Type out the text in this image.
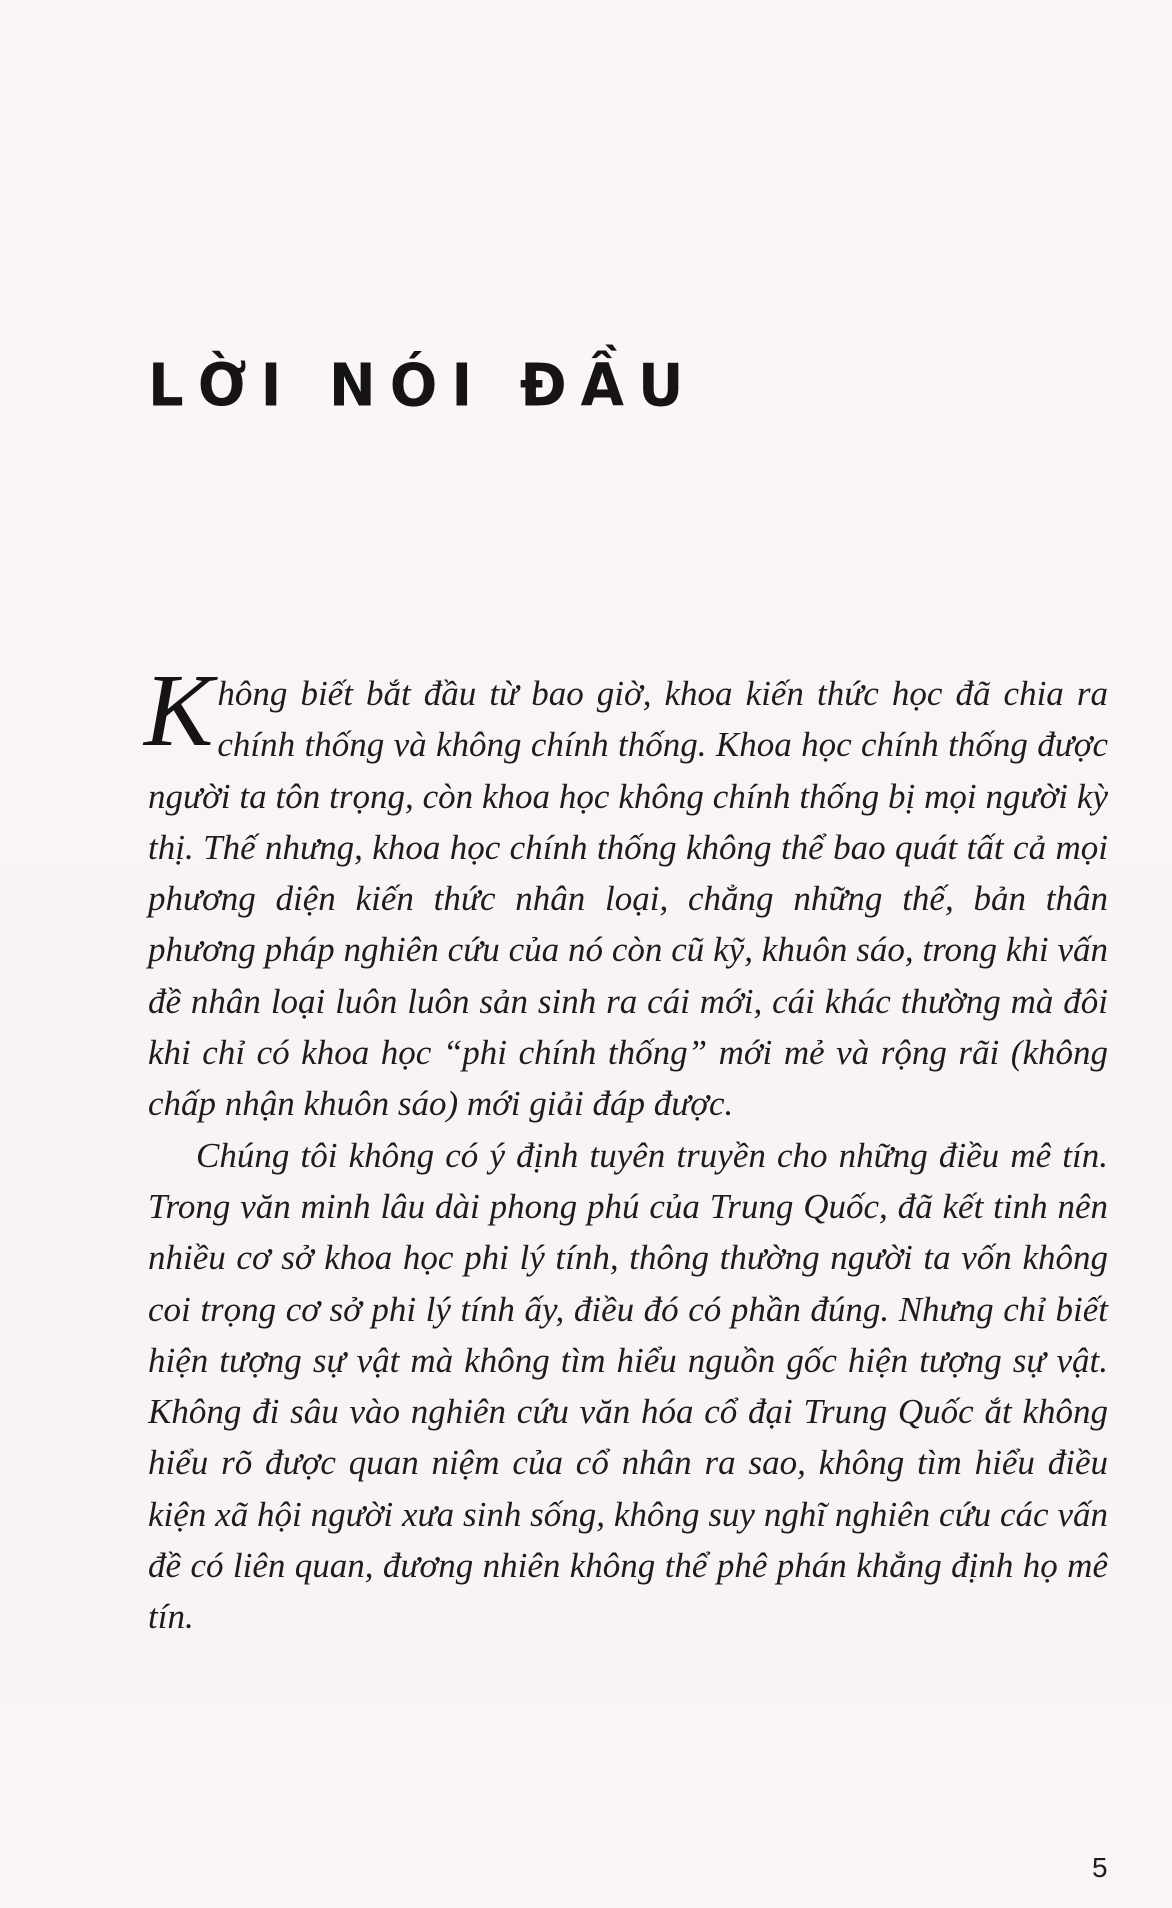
LỜI NÓI ĐẦU

Không biết bắt đầu từ bao giờ, khoa kiến thức học đã chia ra chính thống và không chính thống. Khoa học chính thống được người ta tôn trọng, còn khoa học không chính thống bị mọi người kỳ thị. Thế nhưng, khoa học chính thống không thể bao quát tất cả mọi phương diện kiến thức nhân loại, chẳng những thế, bản thân phương pháp nghiên cứu của nó còn cũ kỹ, khuôn sáo, trong khi vấn đề nhân loại luôn luôn sản sinh ra cái mới, cái khác thường mà đôi khi chỉ có khoa học “phi chính thống” mới mẻ và rộng rãi (không chấp nhận khuôn sáo) mới giải đáp được.

Chúng tôi không có ý định tuyên truyền cho những điều mê tín. Trong văn minh lâu dài phong phú của Trung Quốc, đã kết tinh nên nhiều cơ sở khoa học phi lý tính, thông thường người ta vốn không coi trọng cơ sở phi lý tính ấy, điều đó có phần đúng. Nhưng chỉ biết hiện tượng sự vật mà không tìm hiểu nguồn gốc hiện tượng sự vật. Không đi sâu vào nghiên cứu văn hóa cổ đại Trung Quốc ắt không hiểu rõ được quan niệm của cổ nhân ra sao, không tìm hiểu điều kiện xã hội người xưa sinh sống, không suy nghĩ nghiên cứu các vấn đề có liên quan, đương nhiên không thể phê phán khẳng định họ mê tín.

5
